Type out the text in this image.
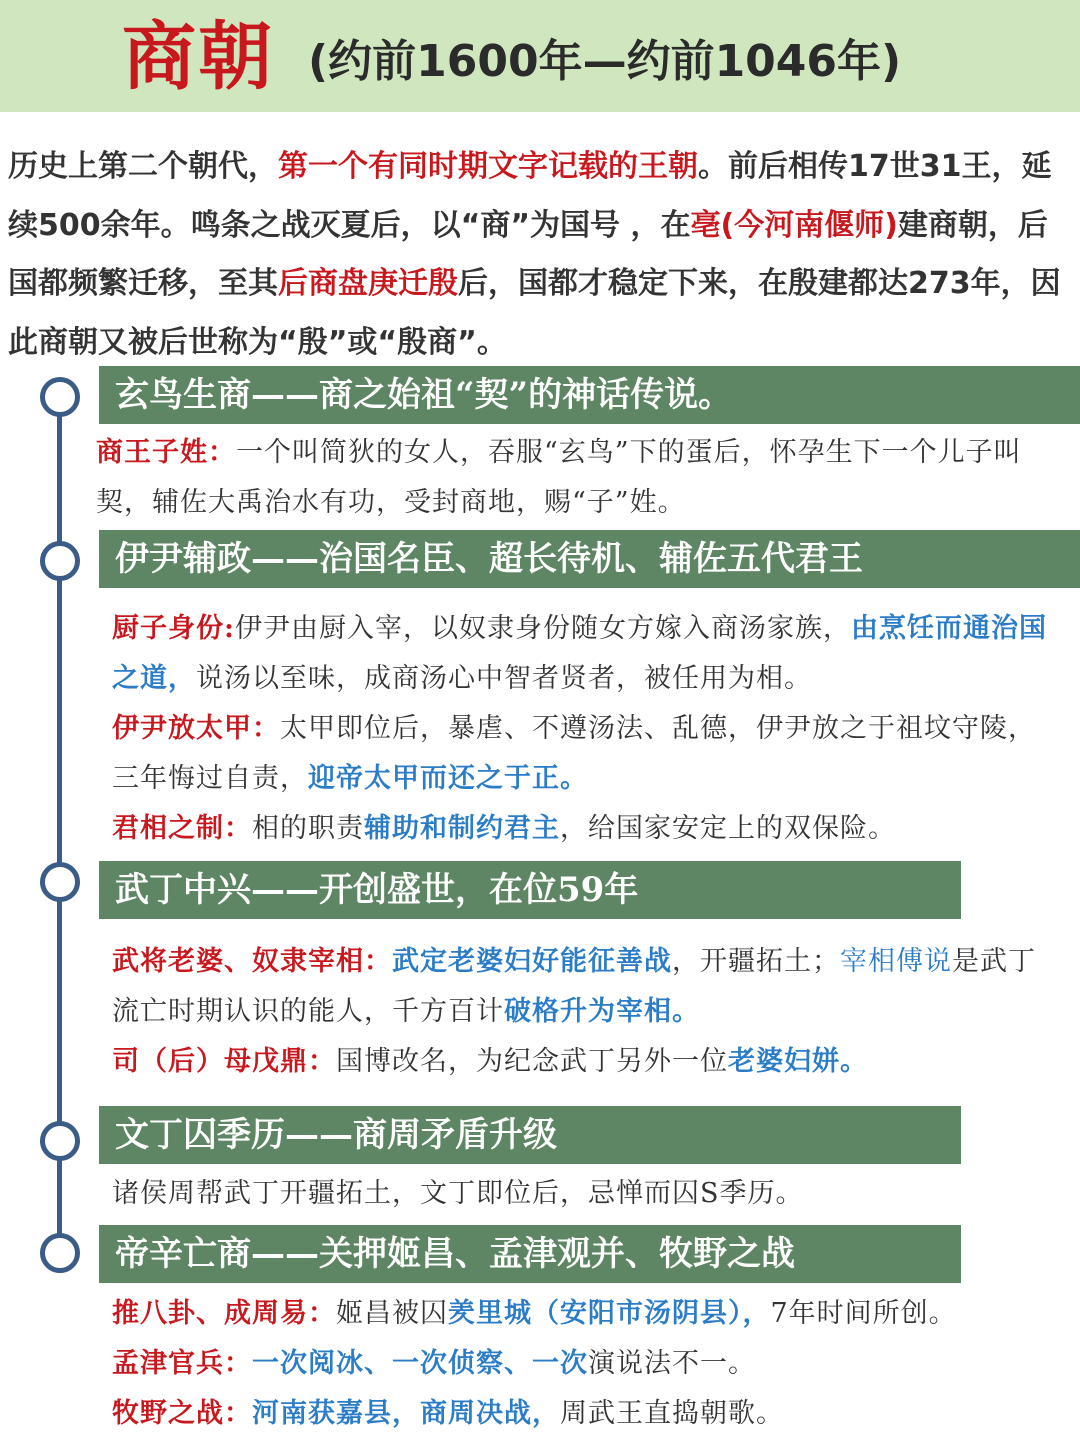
商朝 (约前1600年—约前1046年)
历史上第二个朝代，第一个有同时期文字记载的王朝。前后相传17世31王，延续500余年。鸣条之战灭夏后，以“商”为国号 ，在亳(今河南偃师)建商朝，后国都频繁迁移，至其后商盘庚迁殷后，国都才稳定下来，在殷建都达273年，因此商朝又被后世称为“殷”或“殷商”。
玄鸟生商——商之始祖“契”的神话传说。
商王子姓：一个叫简狄的女人，吞服“玄鸟”下的蛋后，怀孕生下一个儿子叫契，辅佐大禹治水有功，受封商地，赐“子”姓。
伊尹辅政——治国名臣、超长待机、辅佐五代君王
厨子身份:伊尹由厨入宰，以奴隶身份随女方嫁入商汤家族，由烹饪而通治国之道，说汤以至味，成商汤心中智者贤者，被任用为相。
伊尹放太甲：太甲即位后，暴虐、不遵汤法、乱德，伊尹放之于祖坟守陵，三年悔过自责，迎帝太甲而还之于正。
君相之制：相的职责辅助和制约君主，给国家安定上的双保险。
武丁中兴——开创盛世，在位59年
武将老婆、奴隶宰相：武定老婆妇好能征善战，开疆拓土；宰相傅说是武丁流亡时期认识的能人，千方百计破格升为宰相。
司（后）母戊鼎：国博改名，为纪念武丁另外一位老婆妇姘。
文丁囚季历——商周矛盾升级
诸侯周帮武丁开疆拓土，文丁即位后，忌惮而囚S季历。
帝辛亡商——关押姬昌、孟津观并、牧野之战
推八卦、成周易：姬昌被囚羑里城（安阳市汤阴县），7年时间所创。
孟津官兵：一次阅冰、一次侦察、一次演说法不一。
牧野之战：河南获嘉县，商周决战，周武王直捣朝歌。
